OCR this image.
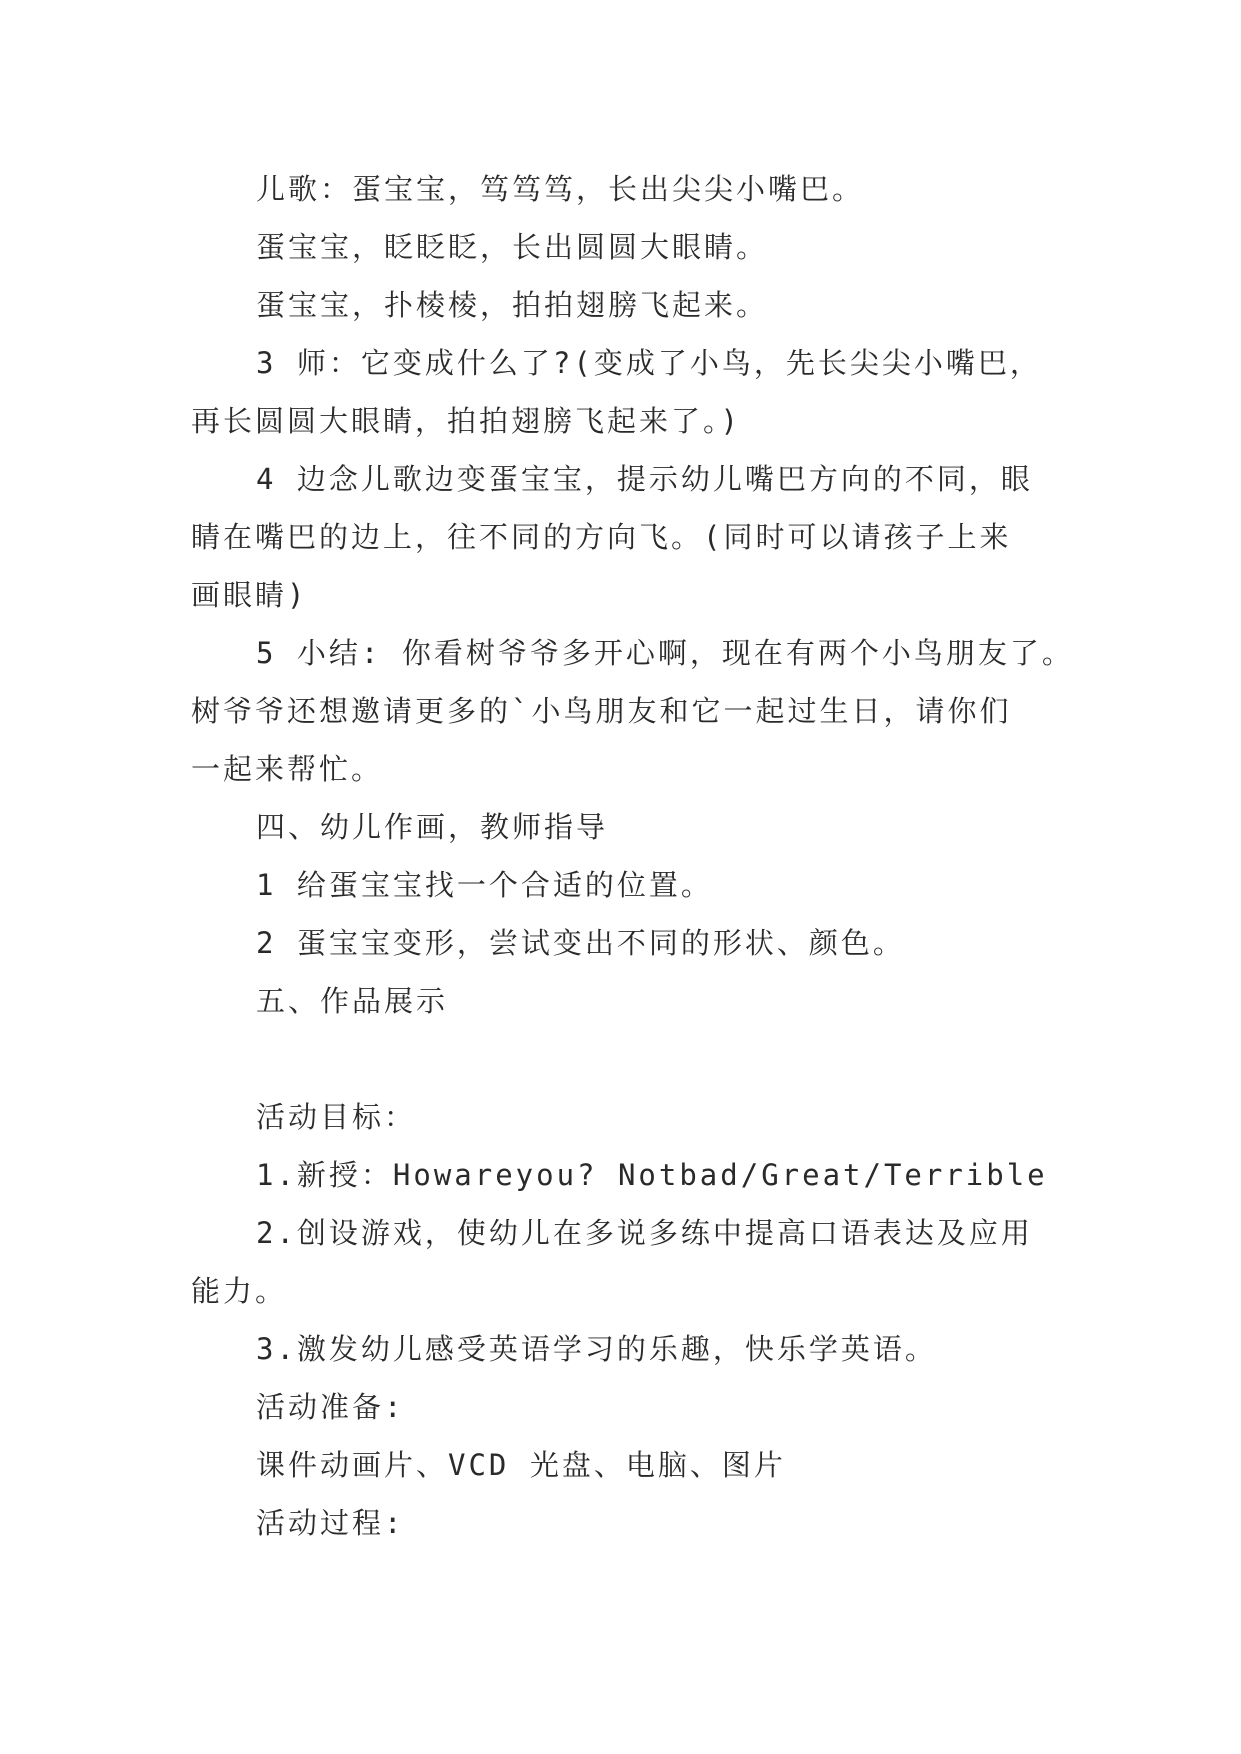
儿歌：蛋宝宝，笃笃笃，长出尖尖小嘴巴。
蛋宝宝，眨眨眨，长出圆圆大眼睛。
蛋宝宝，扑棱棱，拍拍翅膀飞起来。
3 师：它变成什么了?(变成了小鸟，先长尖尖小嘴巴，
再长圆圆大眼睛，拍拍翅膀飞起来了。)
4 边念儿歌边变蛋宝宝，提示幼儿嘴巴方向的不同，眼
睛在嘴巴的边上，往不同的方向飞。(同时可以请孩子上来
画眼睛)
5 小结: 你看树爷爷多开心啊，现在有两个小鸟朋友了。
树爷爷还想邀请更多的`小鸟朋友和它一起过生日，请你们
一起来帮忙。
四、幼儿作画，教师指导
1 给蛋宝宝找一个合适的位置。
2 蛋宝宝变形，尝试变出不同的形状、颜色。
五、作品展示
活动目标：
1.新授：Howareyou? Notbad/Great/Terrible
2.创设游戏，使幼儿在多说多练中提高口语表达及应用
能力。
3.激发幼儿感受英语学习的乐趣，快乐学英语。
活动准备:
课件动画片、VCD 光盘、电脑、图片
活动过程:
